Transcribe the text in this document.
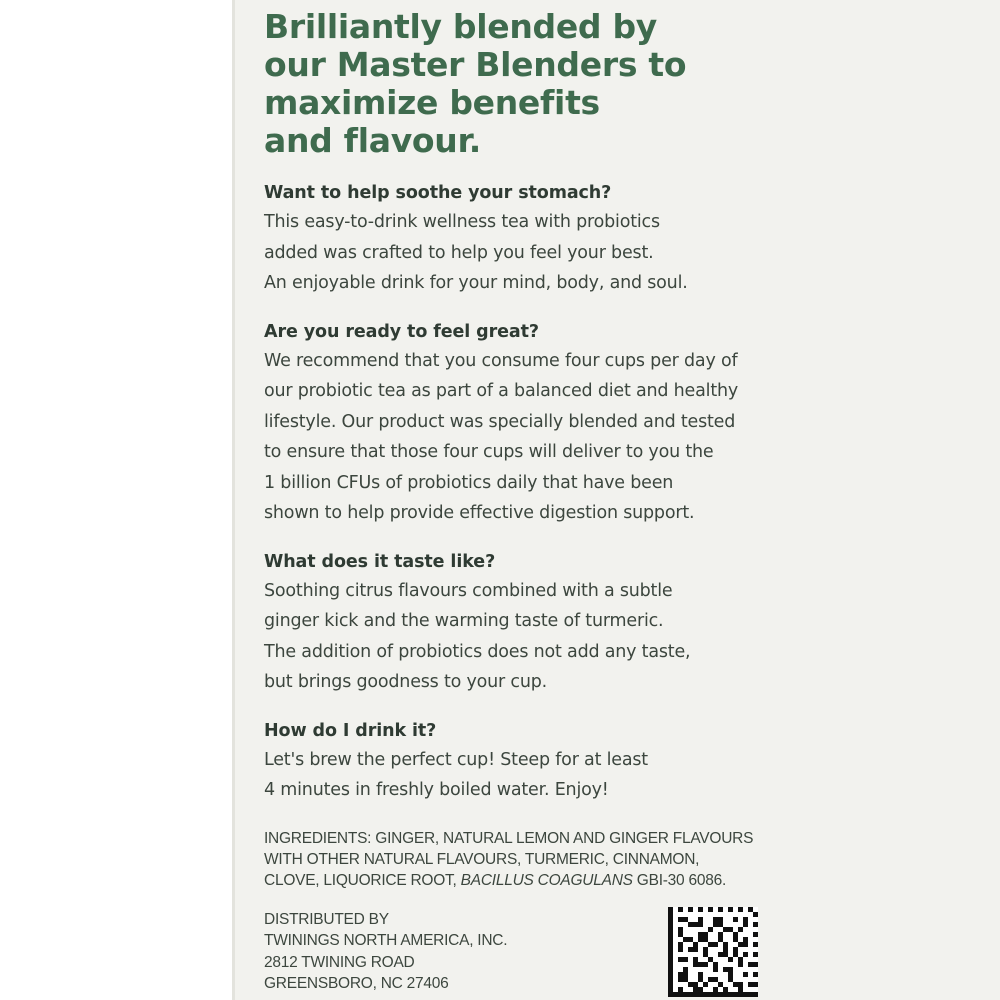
Brilliantly blended by
our Master Blenders to
maximize benefits
and flavour.
Want to help soothe your stomach?
This easy-to-drink wellness tea with probiotics
added was crafted to help you feel your best.
An enjoyable drink for your mind, body, and soul.
Are you ready to feel great?
We recommend that you consume four cups per day of
our probiotic tea as part of a balanced diet and healthy
lifestyle. Our product was specially blended and tested
to ensure that those four cups will deliver to you the
1 billion CFUs of probiotics daily that have been
shown to help provide effective digestion support.
What does it taste like?
Soothing citrus flavours combined with a subtle
ginger kick and the warming taste of turmeric.
The addition of probiotics does not add any taste,
but brings goodness to your cup.
How do I drink it?
Let's brew the perfect cup! Steep for at least
4 minutes in freshly boiled water. Enjoy!
INGREDIENTS: GINGER, NATURAL LEMON AND GINGER FLAVOURS
WITH OTHER NATURAL FLAVOURS, TURMERIC, CINNAMON,
CLOVE, LIQUORICE ROOT, BACILLUS COAGULANS GBI-30 6086.
DISTRIBUTED BY
TWININGS NORTH AMERICA, INC.
2812 TWINING ROAD
GREENSBORO, NC 27406
